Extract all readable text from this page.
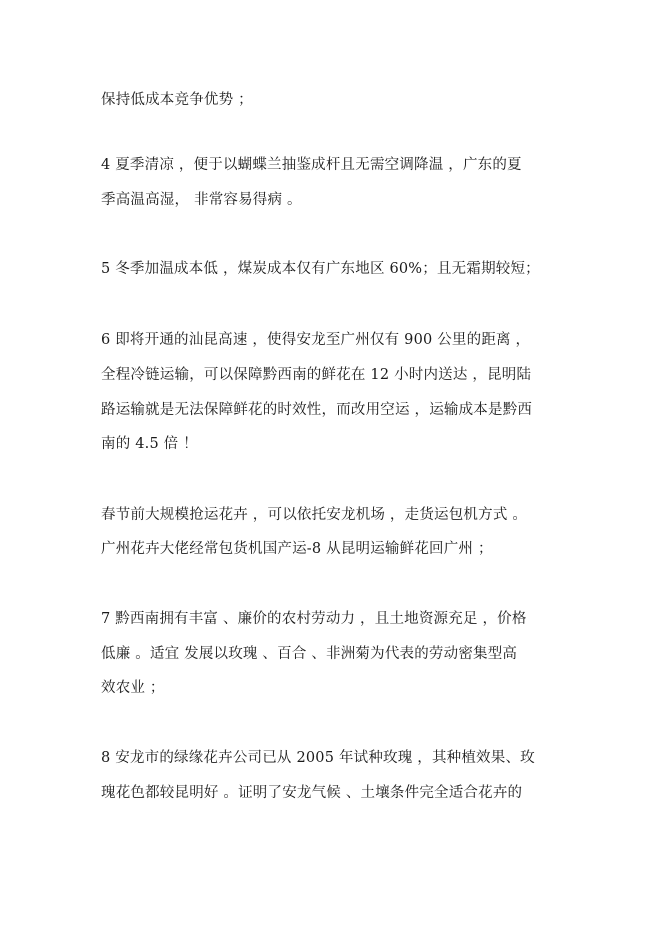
保持低成本竞争优势 ；
4 夏季清凉 ，便于以蝴蝶兰抽鉴成杆且无需空调降温 ，广东的夏
季高温高湿， 非常容易得病 。
5 冬季加温成本低 ，煤炭成本仅有广东地区 60%；且无霜期较短；
6 即将开通的汕昆高速 ，使得安龙至广州仅有 900 公里的距离 ，
全程冷链运输，可以保障黔西南的鲜花在 12 小时内送达 ，昆明陆
路运输就是无法保障鲜花的时效性，而改用空运 ，运输成本是黔西
南的 4.5 倍 ！
春节前大规模抢运花卉 ，可以依托安龙机场 ，走货运包机方式 。
广州花卉大佬经常包货机国产运-8 从昆明运输鲜花回广州 ；
7 黔西南拥有丰富 、廉价的农村劳动力 ，且土地资源充足 ，价格
低廉 。适宜 发展以玫瑰 、百合 、非洲菊为代表的劳动密集型高
效农业 ；
8 安龙市的绿缘花卉公司已从 2005 年试种玫瑰 ，其种植效果、玫
瑰花色都较昆明好 。证明了安龙气候 、土壤条件完全适合花卉的
